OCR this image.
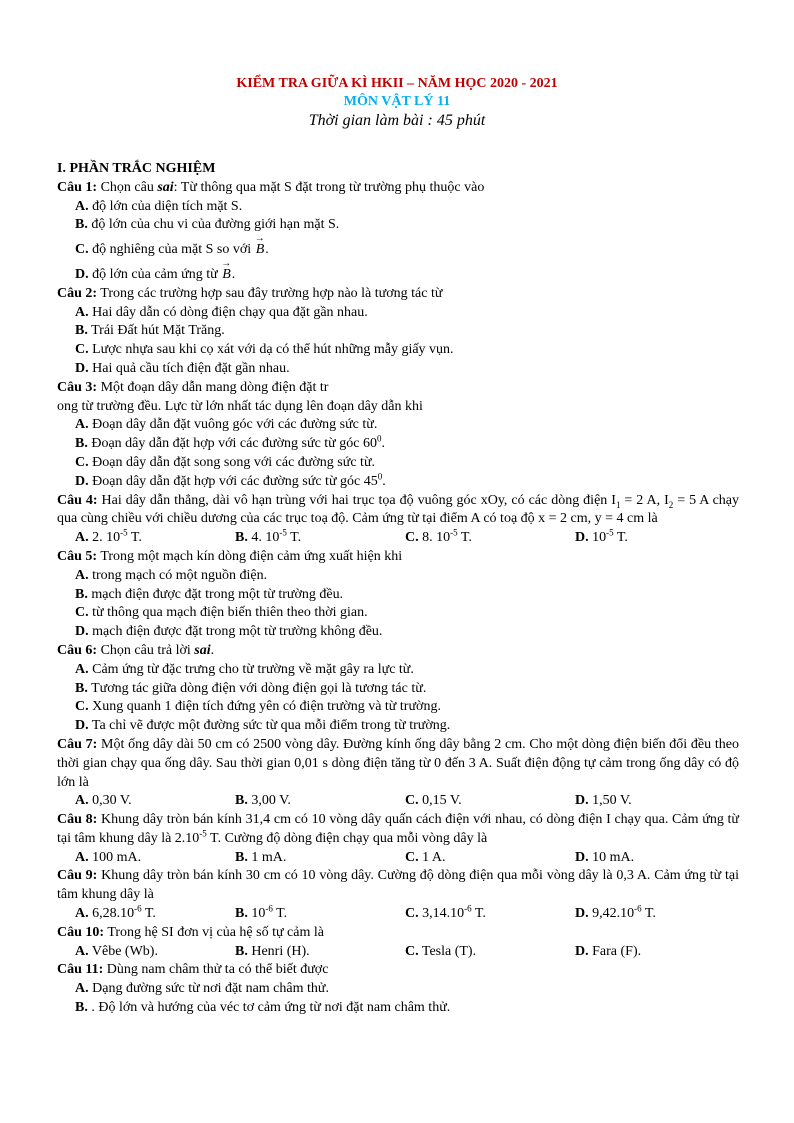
KIỂM TRA GIỮA KÌ HKII – NĂM HỌC 2020 - 2021
MÔN VẬT LÝ 11
Thời gian làm bài : 45 phút
I. PHẦN TRẮC NGHIỆM
Câu 1: Chọn câu sai: Từ thông qua mặt S đặt trong từ trường phụ thuộc vào
A. độ lớn của diện tích mặt S.
B. độ lớn của chu vi của đường giới hạn mặt S.
C. độ nghiêng của mặt S so với → B.
D. độ lớn của cảm ứng từ → B.
Câu 2: Trong các trường hợp sau đây trường hợp nào là tương tác từ
A. Hai dây dẫn có dòng điện chạy qua đặt gần nhau.
B. Trái Đất hút Mặt Trăng.
C. Lược nhựa sau khi cọ xát với dạ có thể hút những mẫy giấy vụn.
D. Hai quả cầu tích điện đặt gần nhau.
Câu 3: Một đoạn dây dẫn mang dòng điện đặt tr
ong từ trường đều. Lực từ lớn nhất tác dụng lên đoạn dây dẫn khi
A. Đoạn dây dẫn đặt vuông góc với các đường sức từ.
B. Đoạn dây dẫn đặt hợp với các đường sức từ góc $60^0$.
C. Đoạn dây dẫn đặt song song với các đường sức từ.
D. Đoạn dây dẫn đặt hợp với các đường sức từ góc $45^0$.
Câu 4: Hai dây dẫn thẳng, dài vô hạn trùng với hai trục tọa độ vuông góc xOy, có các dòng điện $I_1 = 2$ A, $I_2 = 5$ A chạy qua cùng chiều với chiều dương của các trục toạ độ. Cảm ứng từ tại điểm A có toạ độ x = 2 cm, y = 4 cm là
A. 2. $10^{-5}$ T.	B. 4. $10^{-5}$ T.	C. 8. $10^{-5}$ T.	D. $10^{-5}$ T.
Câu 5: Trong một mạch kín dòng điện cảm ứng xuất hiện khi
A. trong mạch có một nguồn điện.
B. mạch điện được đặt trong một từ trường đều.
C. từ thông qua mạch điện biến thiên theo thời gian.
D. mạch điện được đặt trong một từ trường không đều.
Câu 6: Chọn câu trả lời sai.
A. Cảm ứng từ đặc trưng cho từ trường về mặt gây ra lực từ.
B. Tương tác giữa dòng điện với dòng điện gọi là tương tác từ.
C. Xung quanh 1 điện tích đứng yên có điện trường và từ trường.
D. Ta chỉ vẽ được một đường sức từ qua mỗi điểm trong từ trường.
Câu 7: Một ống dây dài 50 cm có 2500 vòng dây. Đường kính ống dây bằng 2 cm. Cho một dòng điện biến đổi đều theo thời gian chạy qua ống dây. Sau thời gian 0,01 s dòng điện tăng từ 0 đến 3 A. Suất điện động tự cảm trong ống dây có độ lớn là
A. 0,30 V.	B. 3,00 V.	C. 0,15 V.	D. 1,50 V.
Câu 8: Khung dây tròn bán kính 31,4 cm có 10 vòng dây quấn cách điện với nhau, có dòng điện I chạy qua. Cảm ứng từ tại tâm khung dây là $2.10^{-5}$ T. Cường độ dòng điện chạy qua mỗi vòng dây là
A. 100 mA.	B. 1 mA.	C. 1 A.	D. 10 mA.
Câu 9: Khung dây tròn bán kính 30 cm có 10 vòng dây. Cường độ dòng điện qua mỗi vòng dây là 0,3 A. Cảm ứng từ tại tâm khung dây là
A. $6,28.10^{-6}$ T.	B. $10^{-6}$ T.	C. $3,14.10^{-6}$ T.	D. $9,42.10^{-6}$ T.
Câu 10: Trong hệ SI đơn vị của hệ số tự cảm là
A. Vêbe (Wb).	B. Henri (H).	C. Tesla (T).	D. Fara (F).
Câu 11: Dùng nam châm thử ta có thể biết được
A. Dạng đường sức từ nơi đặt nam châm thử.
B. . Độ lớn và hướng của véc tơ cảm ứng từ nơi đặt nam châm thử.
